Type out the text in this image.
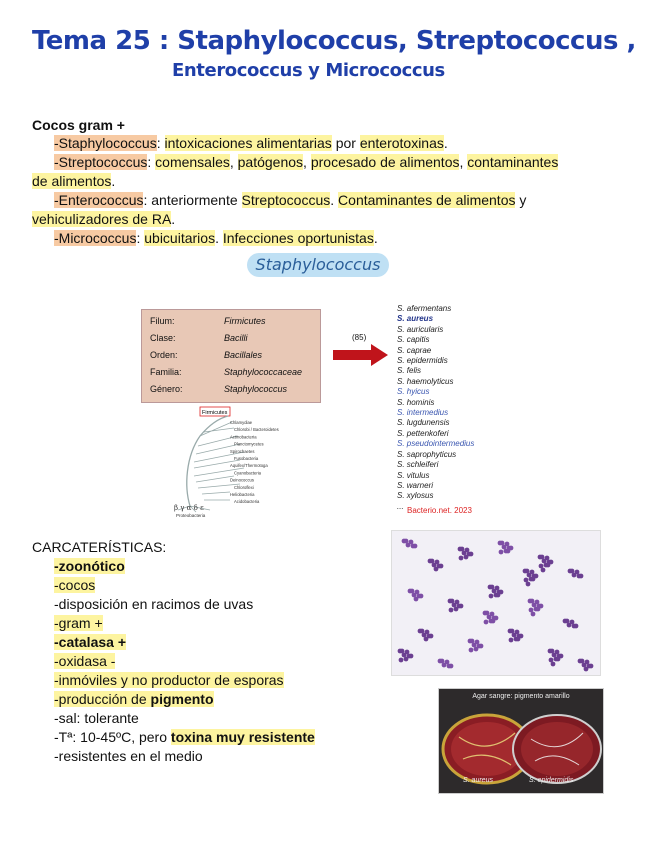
Tema 25 : Staphylococcus, Streptococcus ,
Enterococcus y Micrococcus
Cocos gram +
-Staphylococcus: intoxicaciones alimentarias por enterotoxinas.
-Streptococcus: comensales, patógenos, procesado de alimentos, contaminantes
de alimentos.
-Enterococcus: anteriormente Streptococcus. Contaminantes de alimentos y
vehiculizadores de RA.
-Micrococcus: ubicuitarios. Infecciones oportunistas.
Staphylococcus
Filum:	Firmicutes
Clase:	Bacilli
Orden:	Bacillales
Familia:	Staphylococcaceae
Género:	Staphylococcus
(85)
S. afermentans
S. aureus
S. auricularis
S. capitis
S. caprae
S. epidermidis
S. felis
S. haemolyticus
S. hyicus
S. hominis
S. intermedius
S. lugdunensis
S. pettenkoferi
S. pseudointermedius
S. saprophyticus
S. schleiferi
S. vitulus
S. warneri
S. xylosus
... Bacterio.net. 2023
Firmicutes
Chlamydiae
Chlorobi / Bacteroidetes
Actinobacteria
Planctomycetes
Spirochaetes
Fusobacteria
Aquifex/Thermotoga
Cyanobacteria
Deinococcus
Chloroflexi
Heliobacteria
Acidobacteria
β γ α δ ε
Proteobacteria
CARCATERÍSTICAS:
-zoonótico
-cocos
-disposición en racimos de uvas
-gram +
-catalasa +
-oxidasa -
-inmóviles y no productor de esporas
-producción de pigmento
-sal: tolerante
-Tª: 10-45ºC, pero toxina muy resistente
-resistentes en el medio
Agar sangre: pigmento amarillo
S. aureus	S. epidermidis
